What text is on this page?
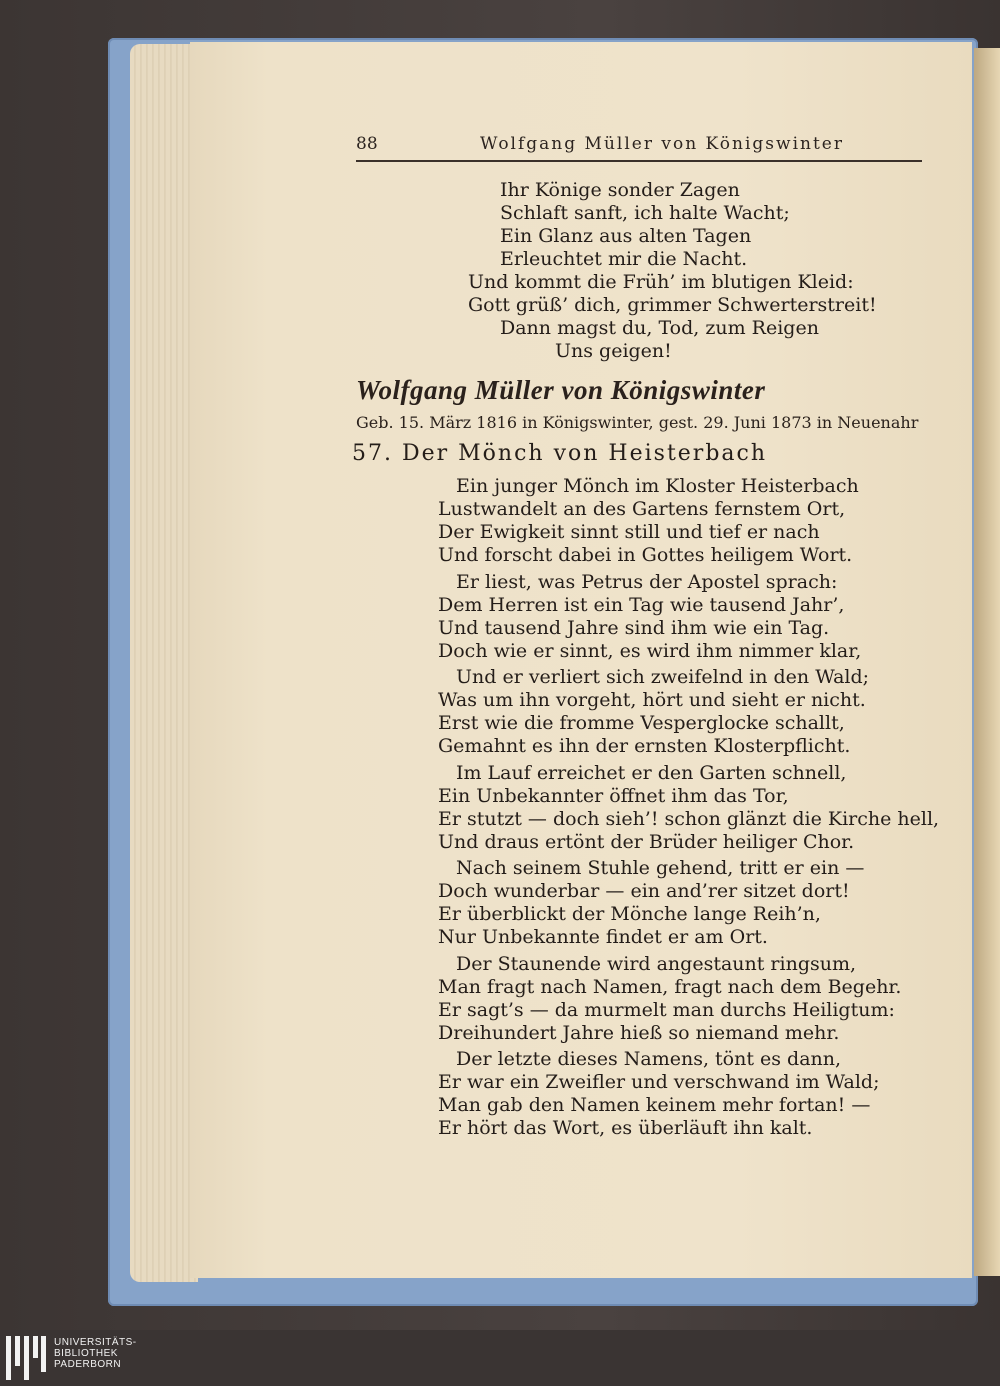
88	Wolfgang Müller von Königswinter
Ihr Könige sonder Zagen
Schlaft sanft, ich halte Wacht;
Ein Glanz aus alten Tagen
Erleuchtet mir die Nacht.
Und kommt die Früh’ im blutigen Kleid:
Gott grüß’ dich, grimmer Schwerterstreit!
Dann magst du, Tod, zum Reigen
Uns geigen!
Wolfgang Müller von Königswinter
Geb. 15. März 1816 in Königswinter, gest. 29. Juni 1873 in Neuenahr
57. Der Mönch von Heisterbach
Ein junger Mönch im Kloster Heisterbach
Lustwandelt an des Gartens fernstem Ort,
Der Ewigkeit sinnt still und tief er nach
Und forscht dabei in Gottes heiligem Wort.
Er liest, was Petrus der Apostel sprach:
Dem Herren ist ein Tag wie tausend Jahr’,
Und tausend Jahre sind ihm wie ein Tag.
Doch wie er sinnt, es wird ihm nimmer klar,
Und er verliert sich zweifelnd in den Wald;
Was um ihn vorgeht, hört und sieht er nicht.
Erst wie die fromme Vesperglocke schallt,
Gemahnt es ihn der ernsten Klosterpflicht.
Im Lauf erreichet er den Garten schnell,
Ein Unbekannter öffnet ihm das Tor,
Er stutzt — doch sieh’! schon glänzt die Kirche hell,
Und draus ertönt der Brüder heiliger Chor.
Nach seinem Stuhle gehend, tritt er ein —
Doch wunderbar — ein and’rer sitzet dort!
Er überblickt der Mönche lange Reih’n,
Nur Unbekannte findet er am Ort.
Der Staunende wird angestaunt ringsum,
Man fragt nach Namen, fragt nach dem Begehr.
Er sagt’s — da murmelt man durchs Heiligtum:
Dreihundert Jahre hieß so niemand mehr.
Der letzte dieses Namens, tönt es dann,
Er war ein Zweifler und verschwand im Wald;
Man gab den Namen keinem mehr fortan! —
Er hört das Wort, es überläuft ihn kalt.
UNIVERSITÄTS-
BIBLIOTHEK
PADERBORN
